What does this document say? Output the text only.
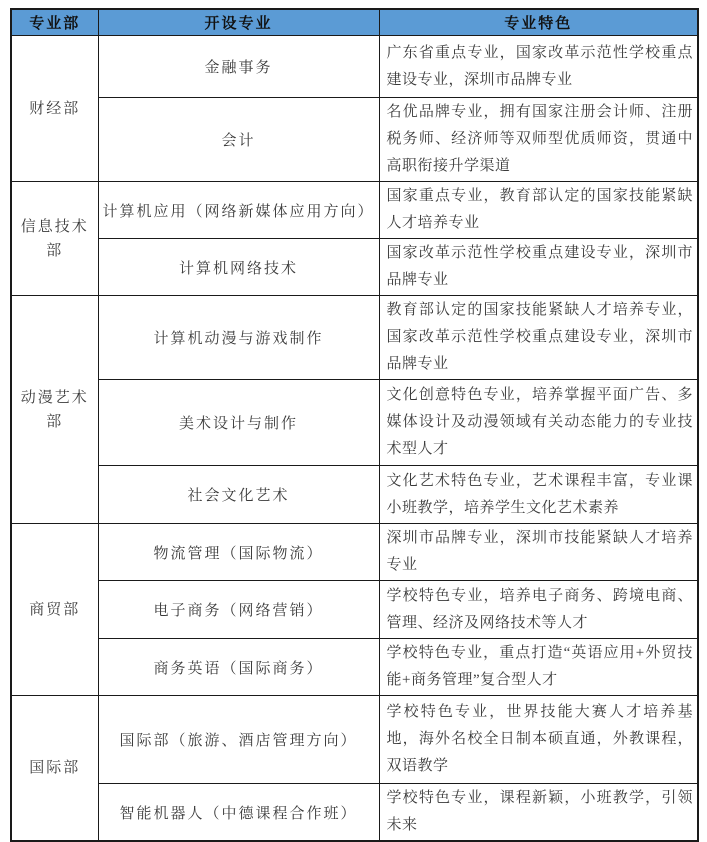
专业部	开设专业	专业特色
财经部	金融事务	广东省重点专业，国家改革示范性学校重点建设专业，深圳市品牌专业
	会计	名优品牌专业，拥有国家注册会计师、注册税务师、经济师等双师型优质师资，贯通中高职衔接升学渠道
信息技术部	计算机应用（网络新媒体应用方向）	国家重点专业，教育部认定的国家技能紧缺人才培养专业
	计算机网络技术	国家改革示范性学校重点建设专业，深圳市品牌专业
动漫艺术部	计算机动漫与游戏制作	教育部认定的国家技能紧缺人才培养专业，国家改革示范性学校重点建设专业，深圳市品牌专业
	美术设计与制作	文化创意特色专业，培养掌握平面广告、多媒体设计及动漫领域有关动态能力的专业技术型人才
	社会文化艺术	文化艺术特色专业，艺术课程丰富，专业课小班教学，培养学生文化艺术素养
商贸部	物流管理（国际物流）	深圳市品牌专业，深圳市技能紧缺人才培养专业
	电子商务（网络营销）	学校特色专业，培养电子商务、跨境电商、管理、经济及网络技术等人才
	商务英语（国际商务）	学校特色专业，重点打造“英语应用+外贸技能+商务管理”复合型人才
国际部	国际部（旅游、酒店管理方向）	学校特色专业，世界技能大赛人才培养基地，海外名校全日制本硕直通，外教课程，双语教学
	智能机器人（中德课程合作班）	学校特色专业，课程新颖，小班教学，引领未来
